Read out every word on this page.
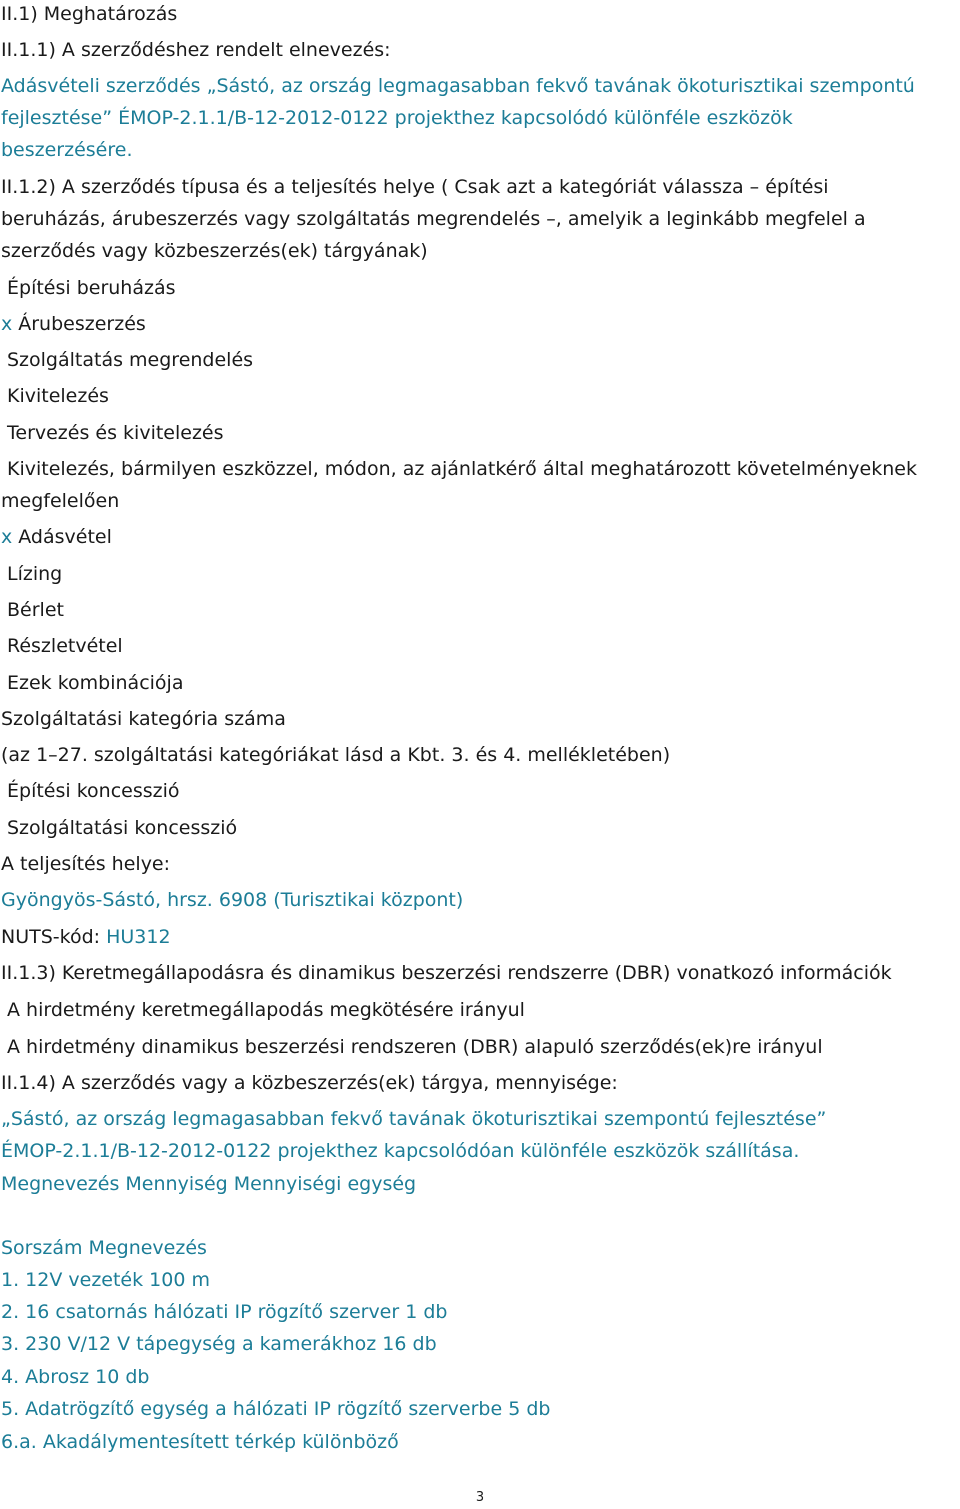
II.1) Meghatározás
II.1.1) A szerződéshez rendelt elnevezés:
Adásvételi szerződés „Sástó, az ország legmagasabban fekvő tavának ökoturisztikai szempontú
fejlesztése” ÉMOP-2.1.1/B-12-2012-0122 projekthez kapcsolódó különféle eszközök
beszerzésére.
II.1.2) A szerződés típusa és a teljesítés helye ( Csak azt a kategóriát válassza – építési
beruházás, árubeszerzés vagy szolgáltatás megrendelés –, amelyik a leginkább megfelel a
szerződés vagy közbeszerzés(ek) tárgyának)
Építési beruházás
x Árubeszerzés
Szolgáltatás megrendelés
Kivitelezés
Tervezés és kivitelezés
Kivitelezés, bármilyen eszközzel, módon, az ajánlatkérő által meghatározott követelményeknek
megfelelően
x Adásvétel
Lízing
Bérlet
Részletvétel
Ezek kombinációja
Szolgáltatási kategória száma
(az 1–27. szolgáltatási kategóriákat lásd a Kbt. 3. és 4. mellékletében)
Építési koncesszió
Szolgáltatási koncesszió
A teljesítés helye:
Gyöngyös-Sástó, hrsz. 6908 (Turisztikai központ)
NUTS-kód: HU312
II.1.3) Keretmegállapodásra és dinamikus beszerzési rendszerre (DBR) vonatkozó információk
A hirdetmény keretmegállapodás megkötésére irányul
A hirdetmény dinamikus beszerzési rendszeren (DBR) alapuló szerződés(ek)re irányul
II.1.4) A szerződés vagy a közbeszerzés(ek) tárgya, mennyisége:
„Sástó, az ország legmagasabban fekvő tavának ökoturisztikai szempontú fejlesztése”
ÉMOP-2.1.1/B-12-2012-0122 projekthez kapcsolódóan különféle eszközök szállítása.
Megnevezés Mennyiség Mennyiségi egység
Sorszám Megnevezés
1. 12V vezeték 100 m
2. 16 csatornás hálózati IP rögzítő szerver 1 db
3. 230 V/12 V tápegység a kamerákhoz 16 db
4. Abrosz 10 db
5. Adatrögzítő egység a hálózati IP rögzítő szerverbe 5 db
6.a. Akadálymentesített térkép különböző
3
